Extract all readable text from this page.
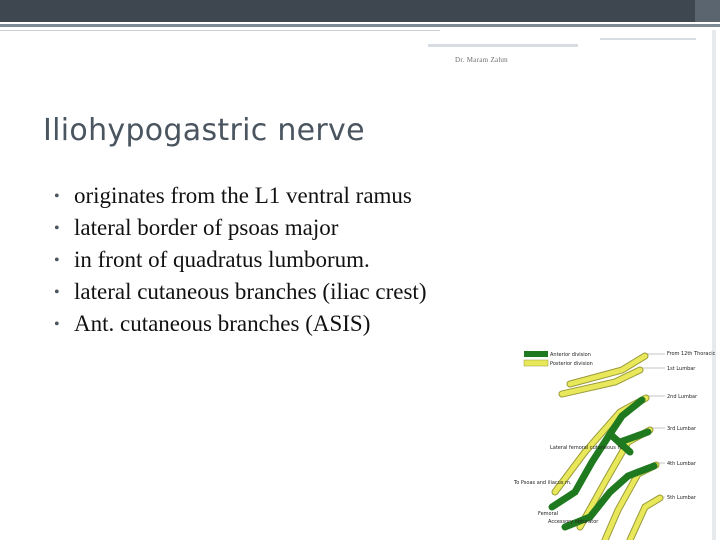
Dr. Maram Zahm
Iliohypogastric nerve
• originates from the L1 ventral ramus
• lateral border of psoas major
• in front of quadratus lumborum.
• lateral cutaneous branches (iliac crest)
• Ant. cutaneous branches (ASIS)
Anterior division
Posterior division
From 12th Thoracic
1st Lumbar
2nd Lumbar
3rd Lumbar
4th Lumbar
5th Lumbar
Lateral femoral cutaneous n.
To Psoas and iliacus m.
Femoral
Accessory obturator
